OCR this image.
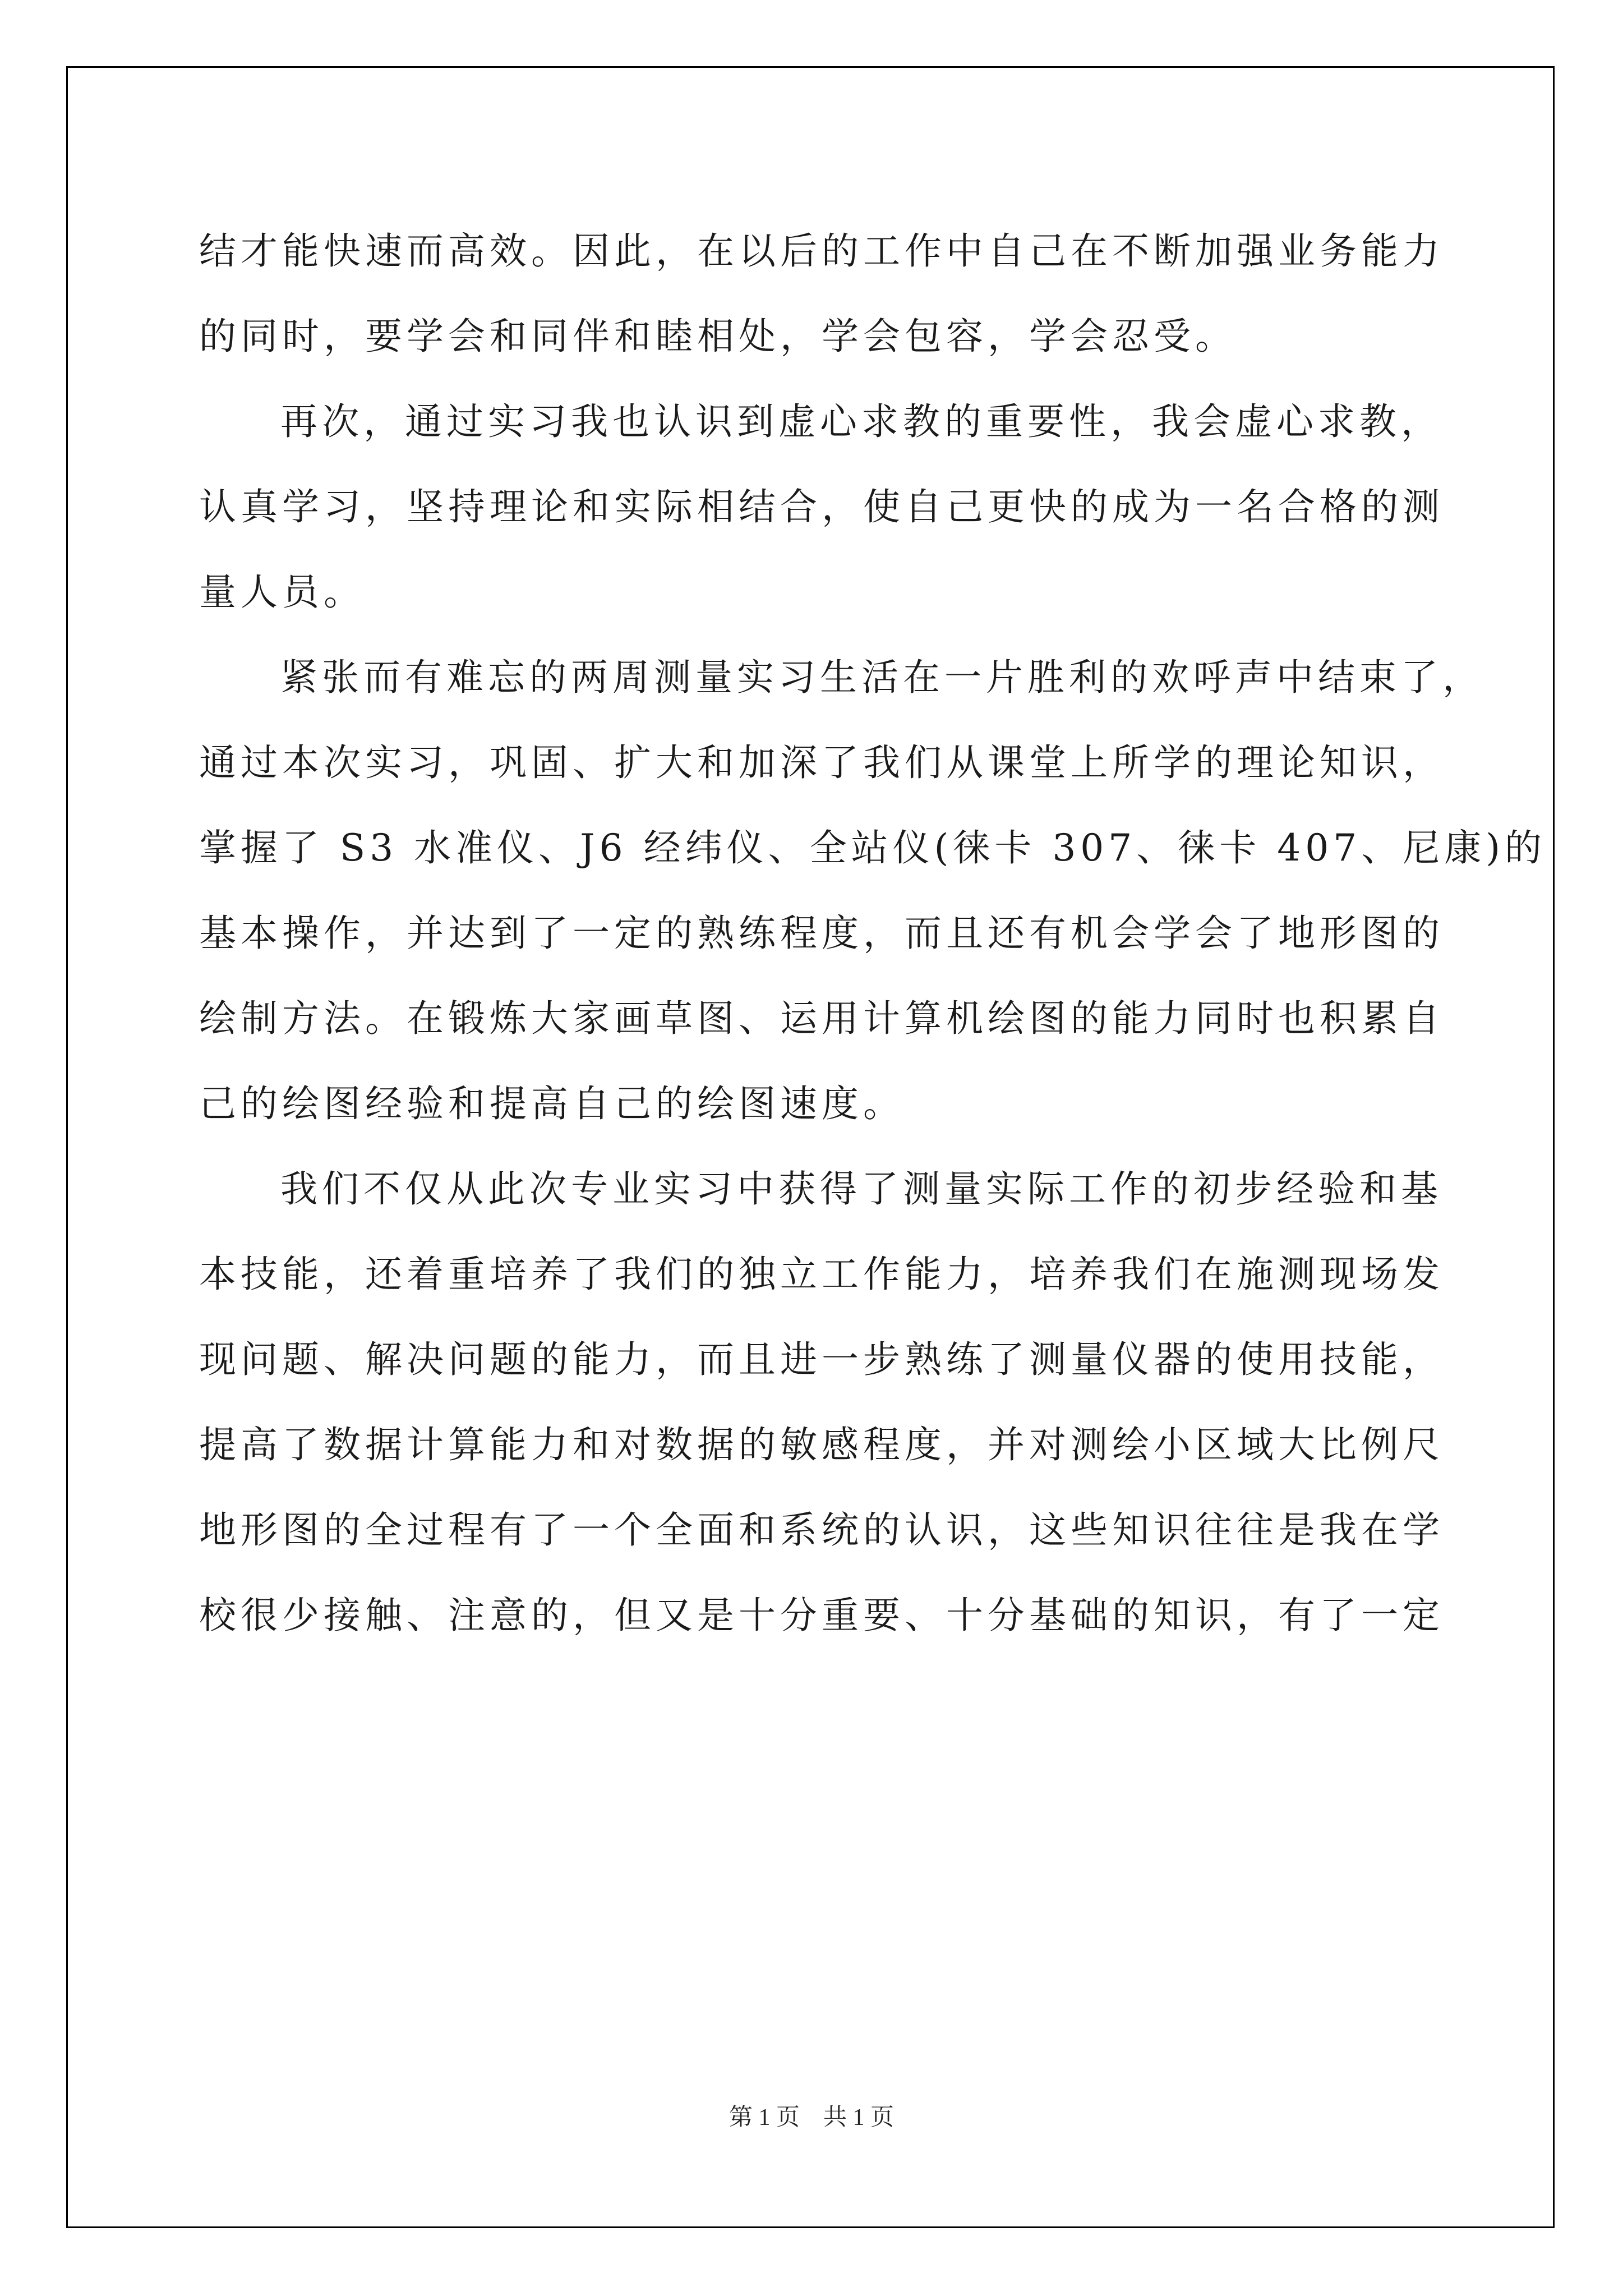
结才能快速而高效。因此，在以后的工作中自己在不断加强业务能力
的同时，要学会和同伴和睦相处，学会包容，学会忍受。
再次，通过实习我也认识到虚心求教的重要性，我会虚心求教，
认真学习，坚持理论和实际相结合，使自己更快的成为一名合格的测
量人员。
紧张而有难忘的两周测量实习生活在一片胜利的欢呼声中结束了，
通过本次实习，巩固、扩大和加深了我们从课堂上所学的理论知识，
掌握了 S3 水准仪、J6 经纬仪、全站仪(徕卡 307、徕卡 407、尼康)的
基本操作，并达到了一定的熟练程度，而且还有机会学会了地形图的
绘制方法。在锻炼大家画草图、运用计算机绘图的能力同时也积累自
己的绘图经验和提高自己的绘图速度。
我们不仅从此次专业实习中获得了测量实际工作的初步经验和基
本技能，还着重培养了我们的独立工作能力，培养我们在施测现场发
现问题、解决问题的能力，而且进一步熟练了测量仪器的使用技能，
提高了数据计算能力和对数据的敏感程度，并对测绘小区域大比例尺
地形图的全过程有了一个全面和系统的认识，这些知识往往是我在学
校很少接触、注意的，但又是十分重要、十分基础的知识，有了一定
第 1 页　共 1 页
